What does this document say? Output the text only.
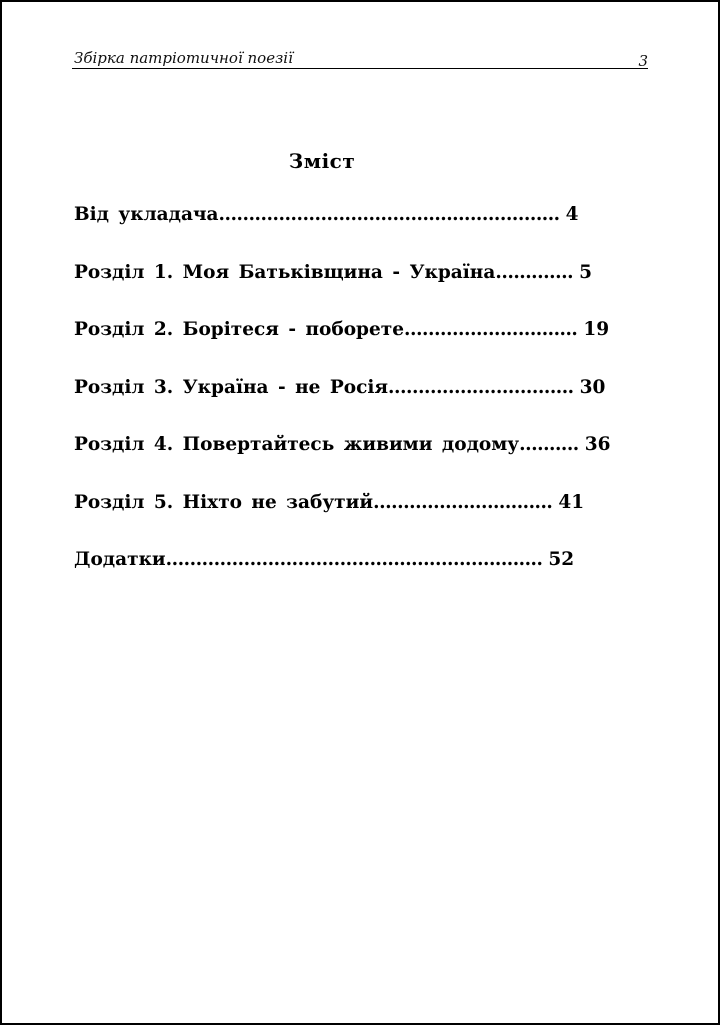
Збірка патріотичної поезії	3
Зміст
Від укладача ……………………………..........………..... 4
Розділ 1. Моя Батьківщина - Україна …...……. 5
Розділ 2. Борітеся - поборете ……………..…......... 19
Розділ 3. Україна - не Росія …………..…………..... 30
Розділ 4. Повертайтесь живими додому …....... 36
Розділ 5. Ніхто не забутий ……………..….......... 41
Додатки ……………………………...........……….......... 52
